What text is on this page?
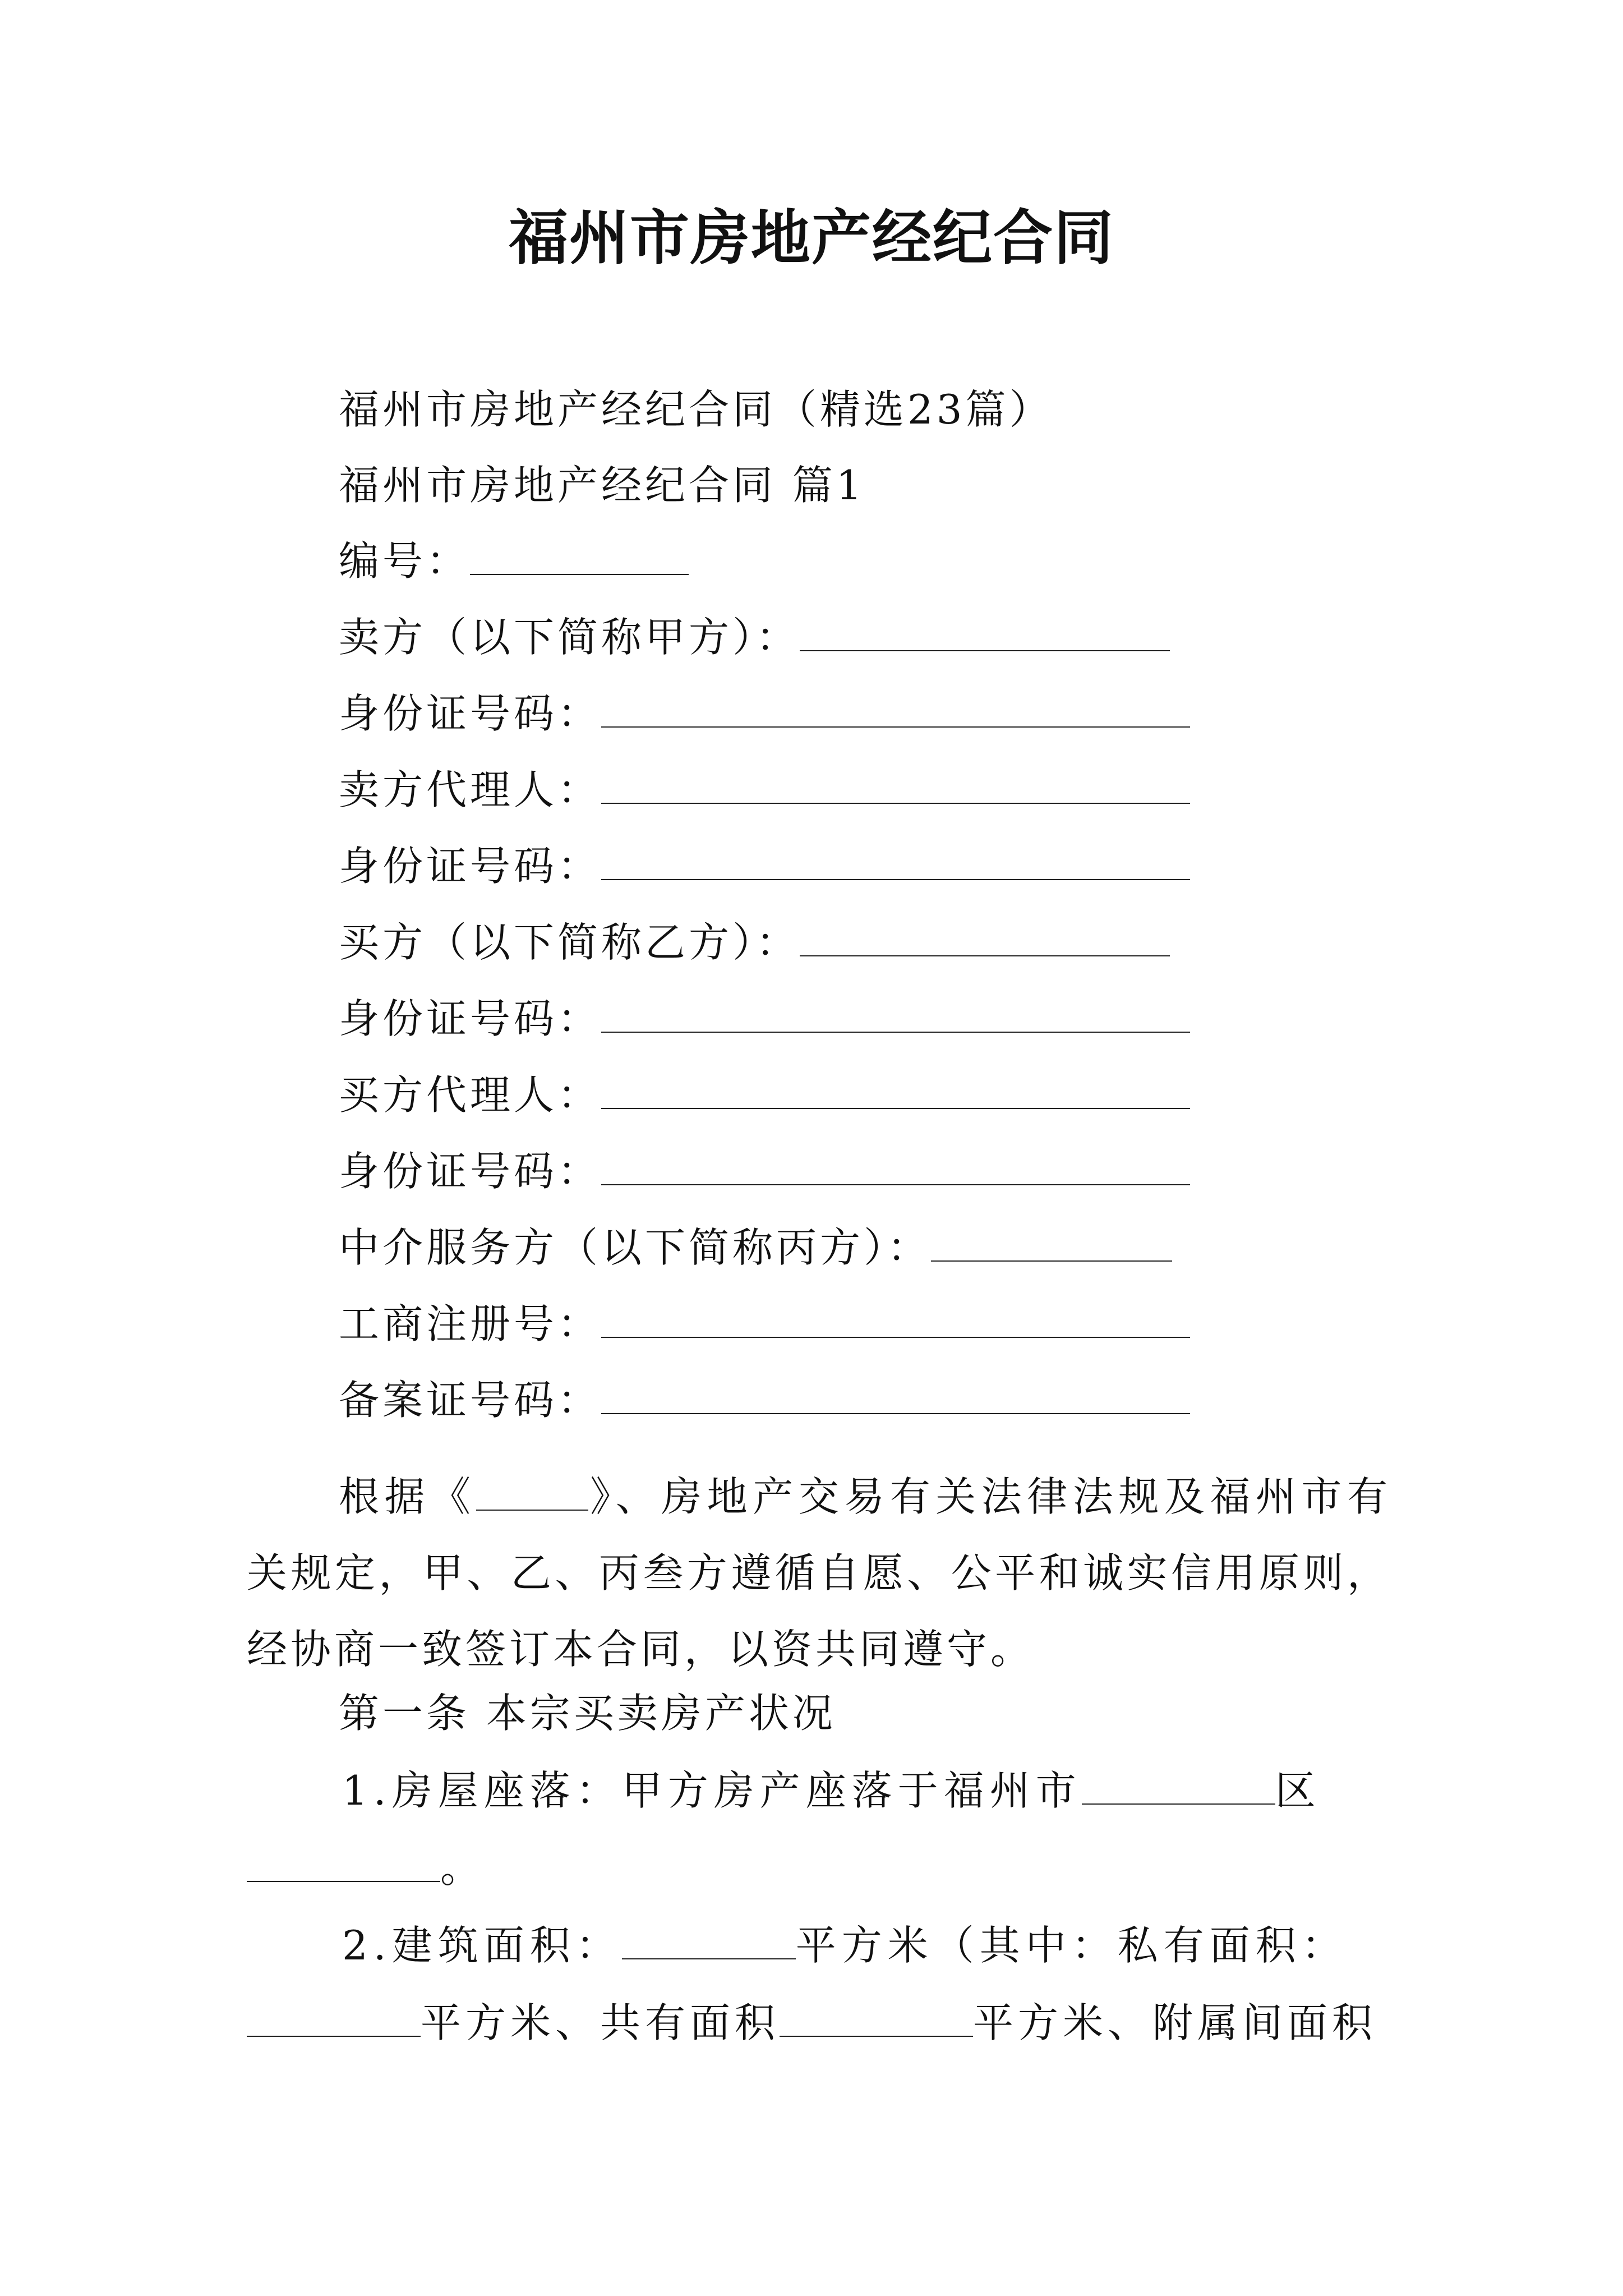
福州市房地产经纪合同
福州市房地产经纪合同（精选23篇）
福州市房地产经纪合同 篇1
编号：
卖方（以下简称甲方）：
身份证号码：
卖方代理人：
身份证号码：
买方（以下简称乙方）：
身份证号码：
买方代理人：
身份证号码：
中介服务方（以下简称丙方）：
工商注册号：
备案证号码：
根据《	》、房地产交易有关法律法规及福州市有关规定，甲、乙、丙叁方遵循自愿、公平和诚实信用原则，经协商一致签订本合同，以资共同遵守。
第一条 本宗买卖房产状况
1.房屋座落：甲方房产座落于福州市	区
。
2.建筑面积：	平方米（其中：私有面积：
平方米、共有面积	平方米、附属间面积
